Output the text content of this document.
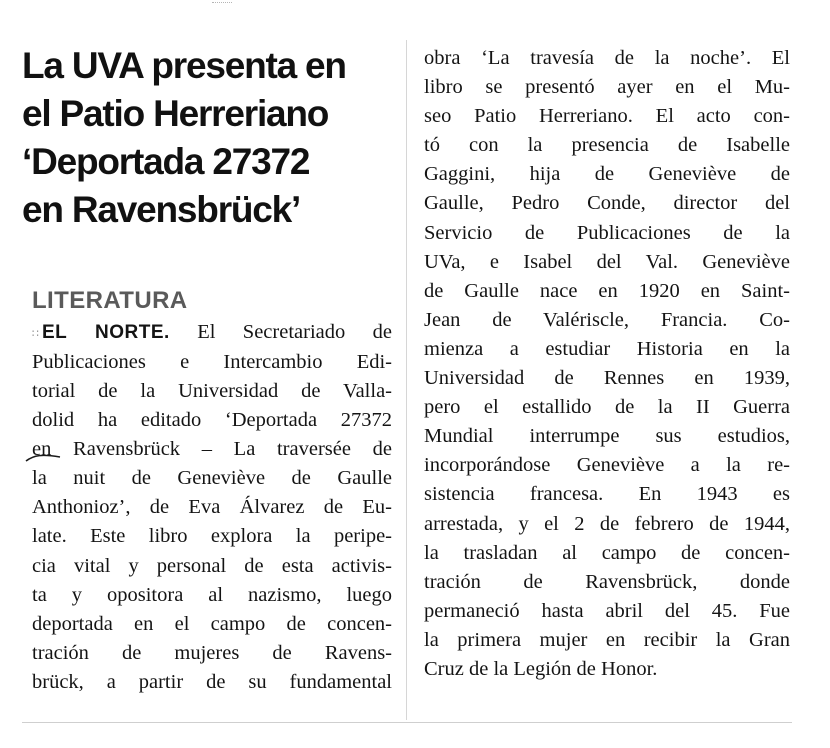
La UVA presenta en
el Patio Herreriano
‘Deportada 27372
en Ravensbrück’
LITERATURA
∷ EL NORTE. El Secretariado de
Publicaciones e Intercambio Edi-
torial de la Universidad de Valla-
dolid ha editado ‘Deportada 27372
en Ravensbrück – La traversée de
la nuit de Geneviève de Gaulle
Anthonioz’, de Eva Álvarez de Eu-
late. Este libro explora la peripe-
cia vital y personal de esta activis-
ta y opositora al nazismo, luego
deportada en el campo de concen-
tración de mujeres de Ravens-
brück, a partir de su fundamental
obra ‘La travesía de la noche’. El
libro se presentó ayer en el Mu-
seo Patio Herreriano. El acto con-
tó con la presencia de Isabelle
Gaggini, hija de Geneviève de
Gaulle, Pedro Conde, director del
Servicio de Publicaciones de la
UVa, e Isabel del Val. Geneviève
de Gaulle nace en 1920 en Saint-
Jean de Valériscle, Francia. Co-
mienza a estudiar Historia en la
Universidad de Rennes en 1939,
pero el estallido de la II Guerra
Mundial interrumpe sus estudios,
incorporándose Geneviève a la re-
sistencia francesa. En 1943 es
arrestada, y el 2 de febrero de 1944,
la trasladan al campo de concen-
tración de Ravensbrück, donde
permaneció hasta abril del 45. Fue
la primera mujer en recibir la Gran
Cruz de la Legión de Honor.
